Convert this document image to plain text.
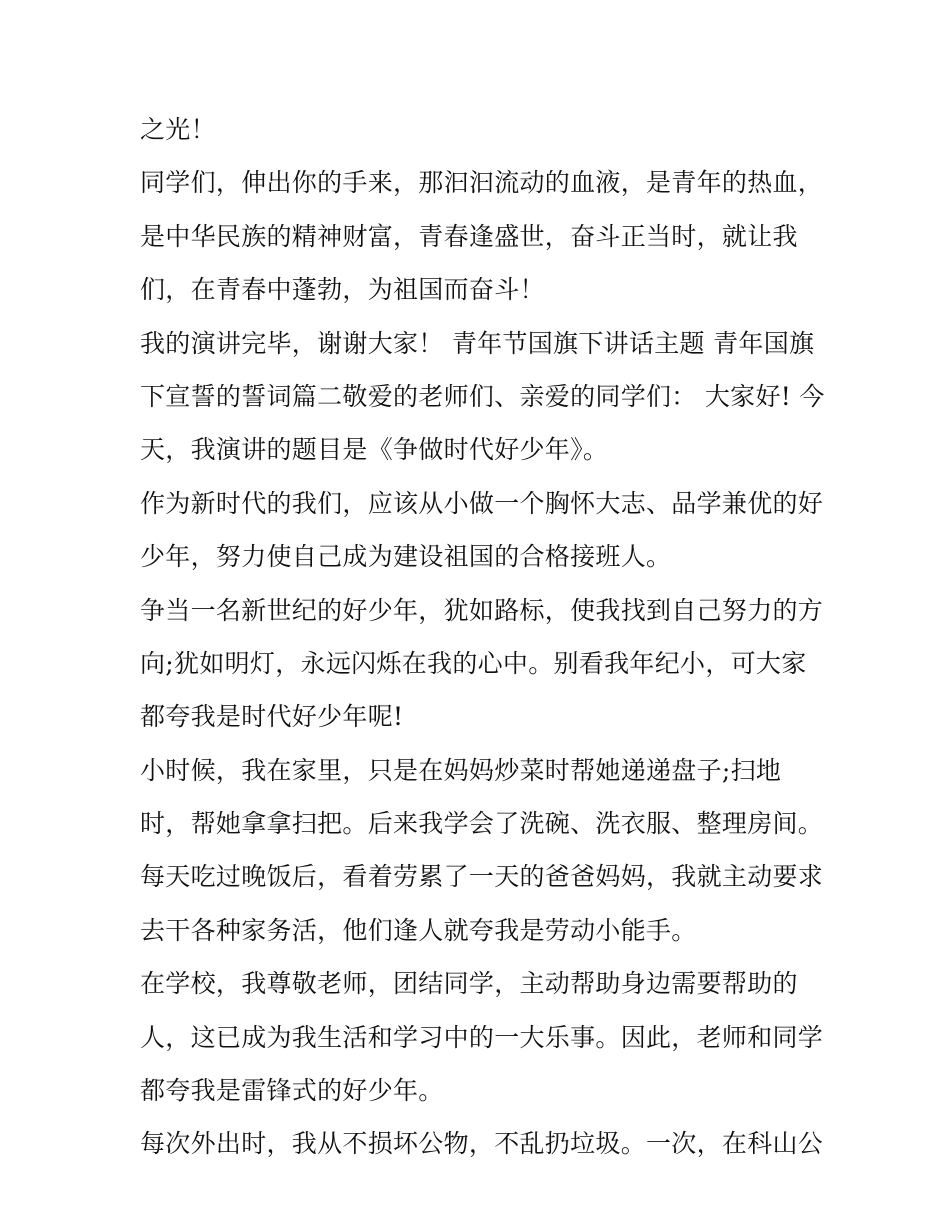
之光！
同学们，伸出你的手来，那汩汩流动的血液，是青年的热血，
是中华民族的精神财富，青春逢盛世，奋斗正当时，就让我
们，在青春中蓬勃，为祖国而奋斗！
我的演讲完毕，谢谢大家！ 青年节国旗下讲话主题 青年国旗
下宣誓的誓词篇二敬爱的老师们、亲爱的同学们： 大家好! 今
天，我演讲的题目是《争做时代好少年》。
作为新时代的我们，应该从小做一个胸怀大志、品学兼优的好
少年，努力使自己成为建设祖国的合格接班人。
争当一名新世纪的好少年，犹如路标，使我找到自己努力的方
向;犹如明灯，永远闪烁在我的心中。别看我年纪小，可大家
都夸我是时代好少年呢!
小时候，我在家里，只是在妈妈炒菜时帮她递递盘子;扫地
时，帮她拿拿扫把。后来我学会了洗碗、洗衣服、整理房间。
每天吃过晚饭后，看着劳累了一天的爸爸妈妈，我就主动要求
去干各种家务活，他们逢人就夸我是劳动小能手。
在学校，我尊敬老师，团结同学，主动帮助身边需要帮助的
人，这已成为我生活和学习中的一大乐事。因此，老师和同学
都夸我是雷锋式的好少年。
每次外出时，我从不损坏公物，不乱扔垃圾。一次，在科山公
